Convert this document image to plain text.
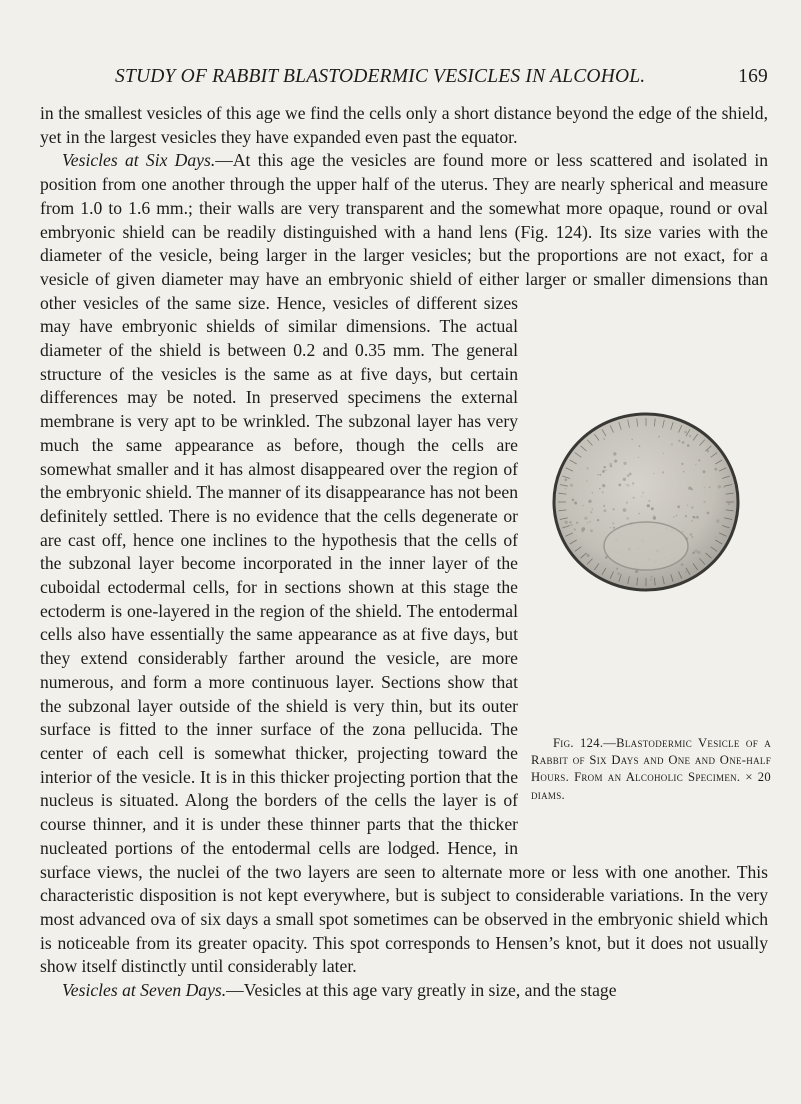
STUDY OF RABBIT BLASTODERMIC VESICLES IN ALCOHOL.	169

in the smallest vesicles of this age we find the cells only a short distance beyond the edge of the shield, yet in the largest vesicles they have expanded even past the equator.

Vesicles at Six Days.—At this age the vesicles are found more or less scattered and isolated in position from one another through the upper half of the uterus. They are nearly spherical and measure from 1.0 to 1.6 mm.; their walls are very transparent and the somewhat more opaque, round or oval embryonic shield can be readily distinguished with a hand lens (Fig. 124). Its size varies with the diameter of the vesicle, being larger in the larger vesicles; but the proportions are not exact, for a vesicle of given diameter may have an embryonic shield of either larger or smaller dimensions than other vesicles of the same size.
Fig. 124.—Blastodermic Vesicle of a Rabbit of Six Days and One and One-half Hours. From an Alcoholic Specimen. × 20 diams.
Hence, vesicles of different sizes may have embryonic shields of similar dimensions. The actual diameter of the shield is between 0.2 and 0.35 mm. The general structure of the vesicles is the same as at five days, but certain differences may be noted. In preserved specimens the external membrane is very apt to be wrinkled. The subzonal layer has very much the same appearance as before, though the cells are somewhat smaller and it has almost disappeared over the region of the embryonic shield. The manner of its disappearance has not been definitely settled. There is no evidence that the cells degenerate or are cast off, hence one inclines to the hypothesis that the cells of the subzonal layer become incorporated in the inner layer of the cuboidal ectodermal cells, for in sections shown at this stage the ectoderm is one-layered in the region of the shield. The entodermal cells also have essentially the same appearance as at five days, but they extend considerably farther around the vesicle, are more numerous, and form a more continuous layer. Sections show that the subzonal layer outside of the shield is very thin, but its outer surface is fitted to the inner surface of the zona pellucida. The center of each cell is somewhat thicker, projecting toward the interior of the vesicle. It is in this thicker projecting portion that the nucleus is situated. Along the borders of the cells the layer is of course thinner, and it is under these thinner parts that the thicker nucleated portions of the entodermal cells are lodged. Hence, in surface views, the nuclei of the two layers are seen to alternate more or less with one another. This characteristic disposition is not kept everywhere, but is subject to considerable variations. In the very most advanced ova of six days a small spot sometimes can be observed in the embryonic shield which is noticeable from its greater opacity. This spot corresponds to Hensen’s knot, but it does not usually show itself distinctly until considerably later.

Vesicles at Seven Days.—Vesicles at this age vary greatly in size, and the stage
